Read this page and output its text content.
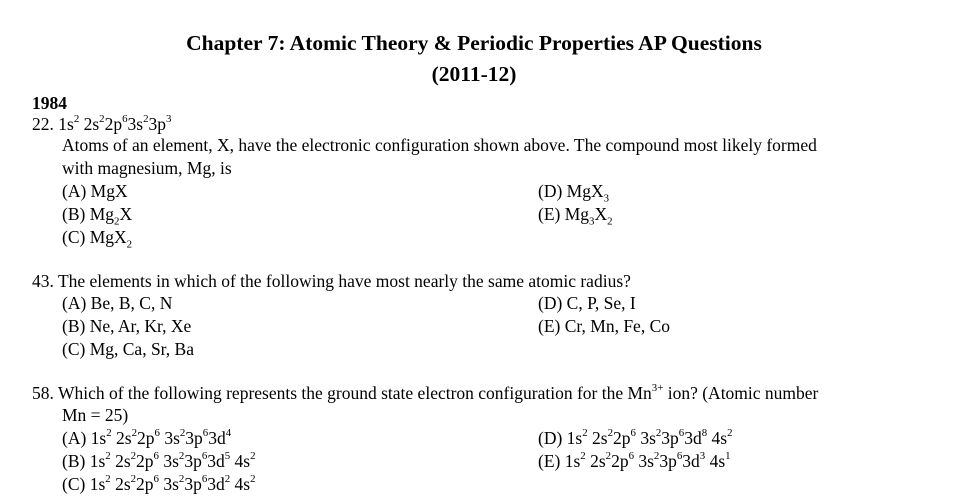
Chapter 7: Atomic Theory & Periodic Properties AP Questions
(2011-12)
1984
22. $1s^2$ $2s^22p^63s^23p^3$
Atoms of an element, X, have the electronic configuration shown above. The compound most likely formed
with magnesium, Mg, is
(A) MgX
(B) $Mg_2X$
(C) MgX$_2$
(D) MgX$_3$
(E) $Mg_3X_2$
43. The elements in which of the following have most nearly the same atomic radius?
(A) Be, B, C, N
(B) Ne, Ar, Kr, Xe
(C) Mg, Ca, Sr, Ba
(D) C, P, Se, I
(E) Cr, Mn, Fe, Co
58. Which of the following represents the ground state electron configuration for the $Mn^{3+}$ ion? (Atomic number
Mn = 25)
(A) $1s^2$ $2s^22p^6$ $3s^23p^63d^4$
(B) $1s^2$ $2s^22p^6$ $3s^23p^63d^5$ $4s^2$
(C) $1s^2$ $2s^22p^6$ $3s^23p^63d^2$ $4s^2$
(D) $1s^2$ $2s^22p^6$ $3s^23p^63d^8$ $4s^2$
(E) $1s^2$ $2s^22p^6$ $3s^23p^63d^3$ $4s^1$
